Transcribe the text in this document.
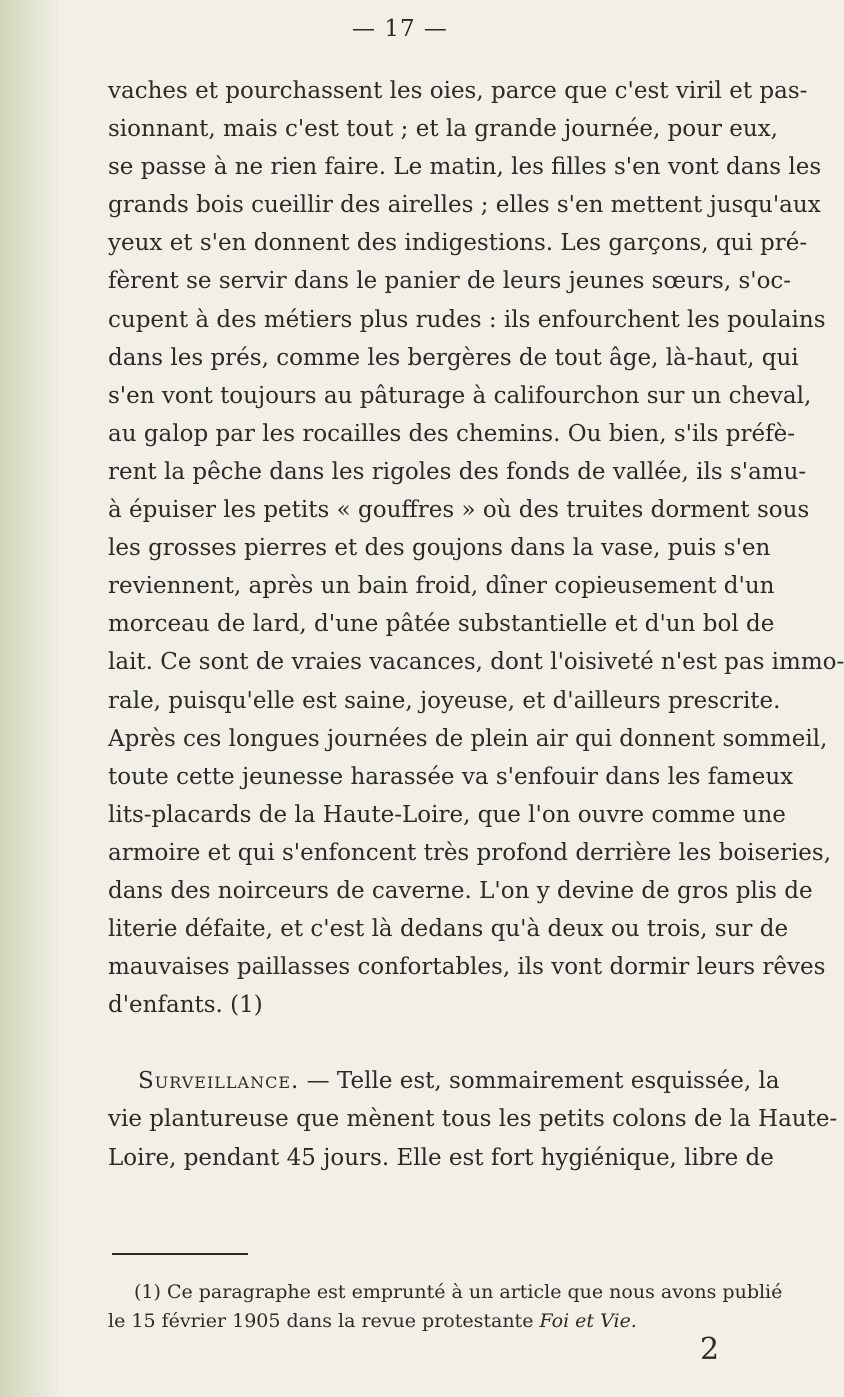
— 17 —
vaches et pourchassent les oies, parce que c'est viril et pas-
sionnant, mais c'est tout ; et la grande journée, pour eux,
se passe à ne rien faire. Le matin, les filles s'en vont dans les
grands bois cueillir des airelles ; elles s'en mettent jusqu'aux
yeux et s'en donnent des indigestions. Les garçons, qui pré-
fèrent se servir dans le panier de leurs jeunes sœurs, s'oc-
cupent à des métiers plus rudes : ils enfourchent les poulains
dans les prés, comme les bergères de tout âge, là-haut, qui
s'en vont toujours au pâturage à califourchon sur un cheval,
au galop par les rocailles des chemins. Ou bien, s'ils préfè-
rent la pêche dans les rigoles des fonds de vallée, ils s'amu-
à épuiser les petits « gouffres » où des truites dorment sous
les grosses pierres et des goujons dans la vase, puis s'en
reviennent, après un bain froid, dîner copieusement d'un
morceau de lard, d'une pâtée substantielle et d'un bol de
lait. Ce sont de vraies vacances, dont l'oisiveté n'est pas immo-
rale, puisqu'elle est saine, joyeuse, et d'ailleurs prescrite.
Après ces longues journées de plein air qui donnent sommeil,
toute cette jeunesse harassée va s'enfouir dans les fameux
lits-placards de la Haute-Loire, que l'on ouvre comme une
armoire et qui s'enfoncent très profond derrière les boiseries,
dans des noirceurs de caverne. L'on y devine de gros plis de
literie défaite, et c'est là dedans qu'à deux ou trois, sur de
mauvaises paillasses confortables, ils vont dormir leurs rêves
d'enfants. (1)
Surveillance. — Telle est, sommairement esquissée, la
vie plantureuse que mènent tous les petits colons de la Haute-
Loire, pendant 45 jours. Elle est fort hygiénique, libre de
(1) Ce paragraphe est emprunté à un article que nous avons publié
le 15 février 1905 dans la revue protestante Foi et Vie.
2
